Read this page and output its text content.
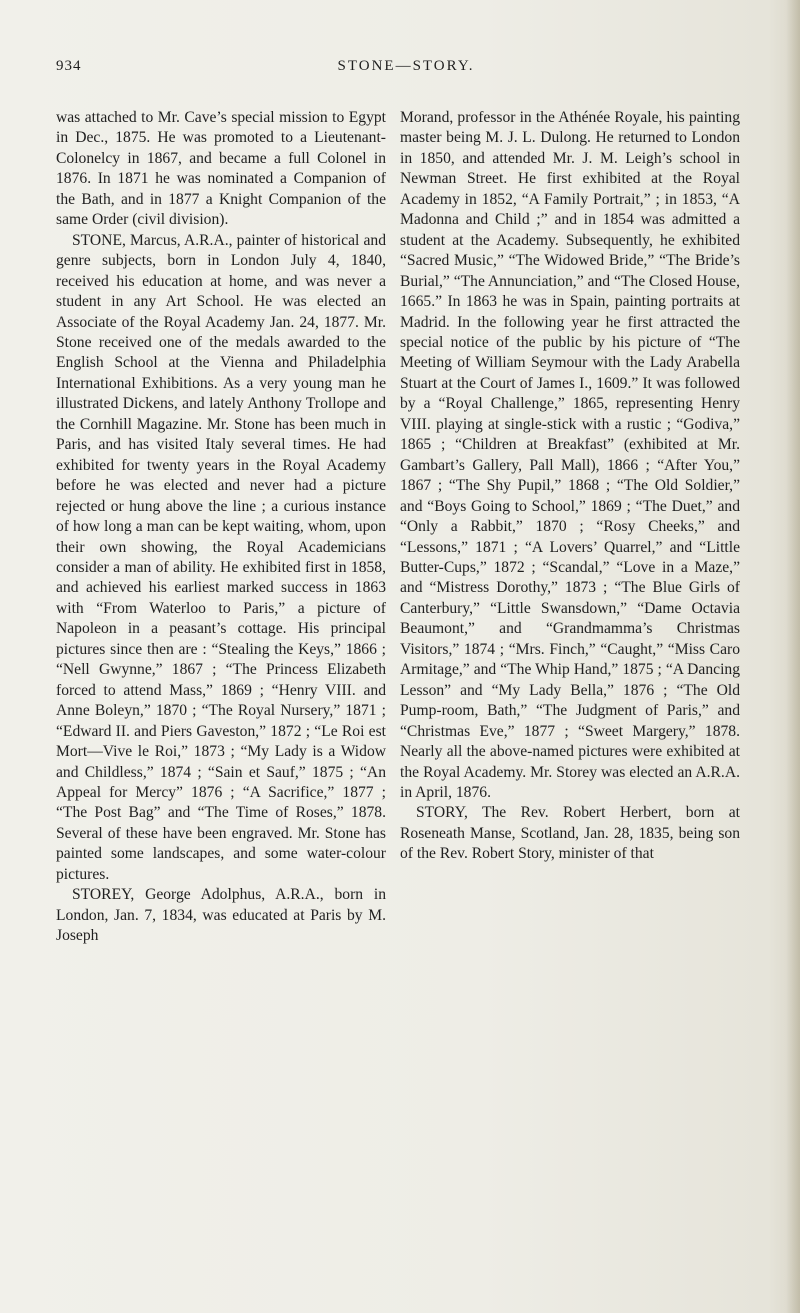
934	STONE—STORY.

was attached to Mr. Cave’s special mission to Egypt in Dec., 1875. He was promoted to a Lieutenant-Colonelcy in 1867, and became a full Colonel in 1876. In 1871 he was nominated a Companion of the Bath, and in 1877 a Knight Companion of the same Order (civil division).

STONE, Marcus, A.R.A., painter of historical and genre subjects, born in London July 4, 1840, received his education at home, and was never a student in any Art School. He was elected an Associate of the Royal Academy Jan. 24, 1877. Mr. Stone received one of the medals awarded to the English School at the Vienna and Philadelphia International Exhibitions. As a very young man he illustrated Dickens, and lately Anthony Trollope and the Cornhill Magazine. Mr. Stone has been much in Paris, and has visited Italy several times. He had exhibited for twenty years in the Royal Academy before he was elected and never had a picture rejected or hung above the line ; a curious instance of how long a man can be kept waiting, whom, upon their own showing, the Royal Academicians consider a man of ability. He exhibited first in 1858, and achieved his earliest marked success in 1863 with “From Waterloo to Paris,” a picture of Napoleon in a peasant’s cottage. His principal pictures since then are : “Stealing the Keys,” 1866 ; “Nell Gwynne,” 1867 ; “The Princess Elizabeth forced to attend Mass,” 1869 ; “Henry VIII. and Anne Boleyn,” 1870 ; “The Royal Nursery,” 1871 ; “Edward II. and Piers Gaveston,” 1872 ; “Le Roi est Mort—Vive le Roi,” 1873 ; “My Lady is a Widow and Childless,” 1874 ; “Sain et Sauf,” 1875 ; “An Appeal for Mercy” 1876 ; “A Sacrifice,” 1877 ; “The Post Bag” and “The Time of Roses,” 1878. Several of these have been engraved. Mr. Stone has painted some landscapes, and some water-colour pictures.

STOREY, George Adolphus, A.R.A., born in London, Jan. 7, 1834, was educated at Paris by M. Joseph

Morand, professor in the Athénée Royale, his painting master being M. J. L. Dulong. He returned to London in 1850, and attended Mr. J. M. Leigh’s school in Newman Street. He first exhibited at the Royal Academy in 1852, “A Family Portrait,” ; in 1853, “A Madonna and Child ;” and in 1854 was admitted a student at the Academy. Subsequently, he exhibited “Sacred Music,” “The Widowed Bride,” “The Bride’s Burial,” “The Annunciation,” and “The Closed House, 1665.” In 1863 he was in Spain, painting portraits at Madrid. In the following year he first attracted the special notice of the public by his picture of “The Meeting of William Seymour with the Lady Arabella Stuart at the Court of James I., 1609.” It was followed by a “Royal Challenge,” 1865, representing Henry VIII. playing at single-stick with a rustic ; “Godiva,” 1865 ; “Children at Breakfast” (exhibited at Mr. Gambart’s Gallery, Pall Mall), 1866 ; “After You,” 1867 ; “The Shy Pupil,” 1868 ; “The Old Soldier,” and “Boys Going to School,” 1869 ; “The Duet,” and “Only a Rabbit,” 1870 ; “Rosy Cheeks,” and “Lessons,” 1871 ; “A Lovers’ Quarrel,” and “Little Butter-Cups,” 1872 ; “Scandal,” “Love in a Maze,” and “Mistress Dorothy,” 1873 ; “The Blue Girls of Canterbury,” “Little Swansdown,” “Dame Octavia Beaumont,” and “Grandmamma’s Christmas Visitors,” 1874 ; “Mrs. Finch,” “Caught,” “Miss Caro Armitage,” and “The Whip Hand,” 1875 ; “A Dancing Lesson” and “My Lady Bella,” 1876 ; “The Old Pump-room, Bath,” “The Judgment of Paris,” and “Christmas Eve,” 1877 ; “Sweet Margery,” 1878. Nearly all the above-named pictures were exhibited at the Royal Academy. Mr. Storey was elected an A.R.A. in April, 1876.

STORY, The Rev. Robert Herbert, born at Roseneath Manse, Scotland, Jan. 28, 1835, being son of the Rev. Robert Story, minister of that
